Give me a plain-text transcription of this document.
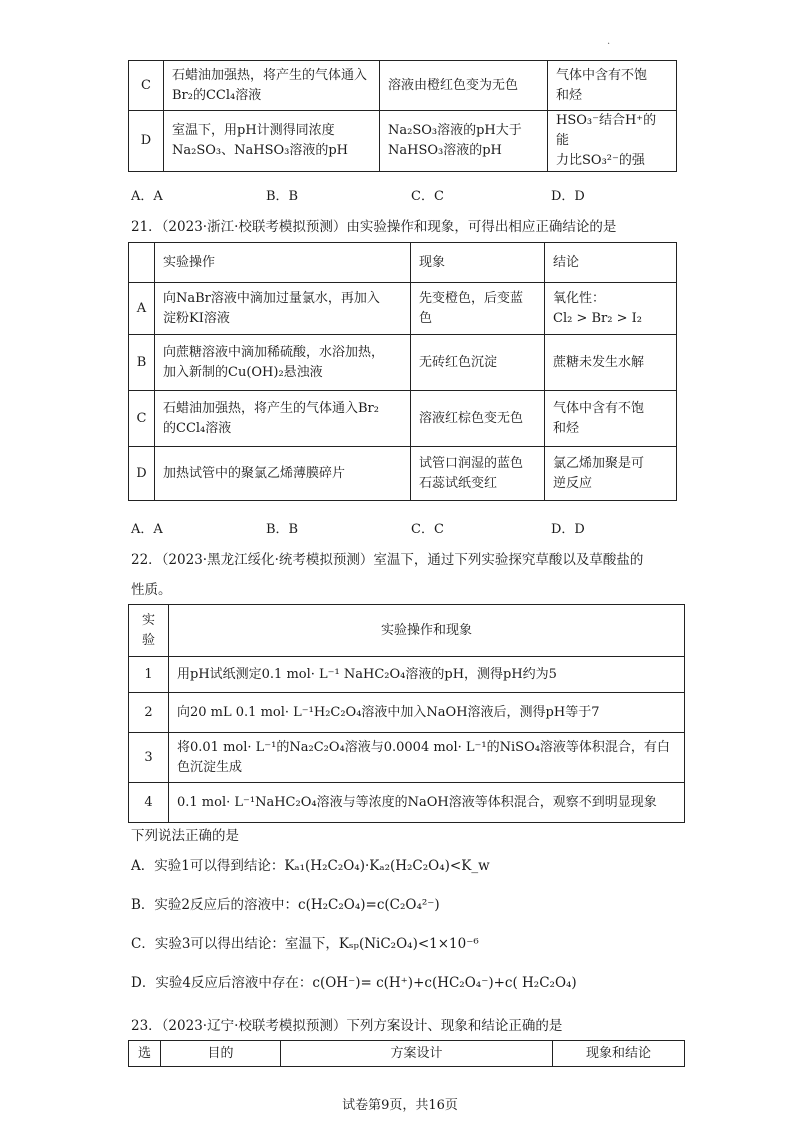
.
C	石蜡油加强热，将产生的气体通入Br₂的CCl₄溶液	溶液由橙红色变为无色	气体中含有不饱
和烃

D	室温下，用pH计测得同浓度
Na₂SO₃、NaHSO₃溶液的pH	Na₂SO₃溶液的pH大于
NaHSO₃溶液的pH	HSO₃⁻结合H⁺的能
力比SO₃²⁻的强
A．A	B．B	C．C	D．D
21．（2023·浙江·校联考模拟预测）由实验操作和现象，可得出相应正确结论的是
	实验操作	现象	结论
A	向NaBr溶液中滴加过量氯水，再加入
淀粉KI溶液	先变橙色，后变蓝
色	氧化性：
Cl₂ > Br₂ > I₂

B	向蔗糖溶液中滴加稀硫酸，水浴加热，
加入新制的Cu(OH)₂悬浊液	无砖红色沉淀	蔗糖未发生水解
C	石蜡油加强热，将产生的气体通入Br₂
的CCl₄溶液	溶液红棕色变无色	气体中含有不饱
和烃

D	加热试管中的聚氯乙烯薄膜碎片	试管口润湿的蓝色
石蕊试纸变红	氯乙烯加聚是可
逆反应
A．A	B．B	C．C	D．D
22．（2023·黑龙江绥化·统考模拟预测）室温下，通过下列实验探究草酸以及草酸盐的
性质。
实
验	实验操作和现象
1	用pH试纸测定0.1 mol· L⁻¹ NaHC₂O₄溶液的pH，测得pH约为5
2	向20 mL 0.1 mol· L⁻¹H₂C₂O₄溶液中加入NaOH溶液后，测得pH等于7
3	将0.01 mol· L⁻¹的Na₂C₂O₄溶液与0.0004 mol· L⁻¹的NiSO₄溶液等体积混合，有白
色沉淀生成

4	0.1 mol· L⁻¹NaHC₂O₄溶液与等浓度的NaOH溶液等体积混合，观察不到明显现象
下列说法正确的是
A．实验1可以得到结论：Kₐ₁(H₂C₂O₄)·Kₐ₂(H₂C₂O₄)<K_w
B．实验2反应后的溶液中：c(H₂C₂O₄)=c(C₂O₄²⁻)
C．实验3可以得出结论：室温下，Kₛₚ(NiC₂O₄)<1×10⁻⁶
D．实验4反应后溶液中存在：c(OH⁻)= c(H⁺)+c(HC₂O₄⁻)+c( H₂C₂O₄)
23．（2023·辽宁·校联考模拟预测）下列方案设计、现象和结论正确的是
选	目的	方案设计	现象和结论
试卷第9页，共16页
